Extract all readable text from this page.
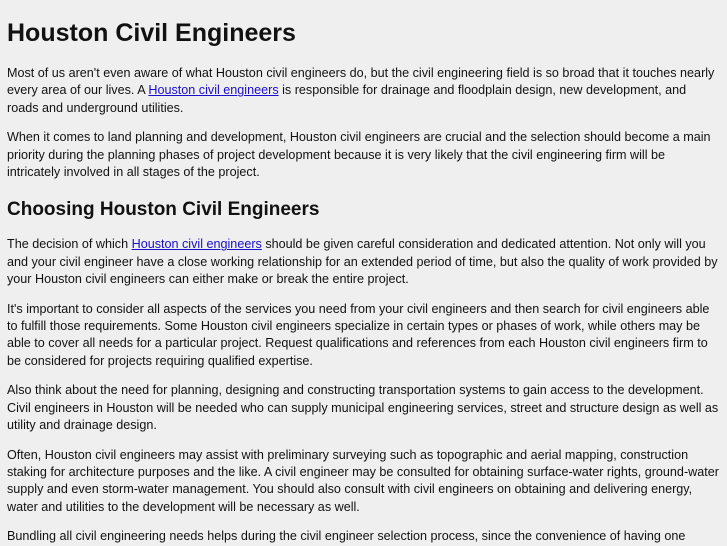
Houston Civil Engineers

Most of us aren't even aware of what Houston civil engineers do, but the civil engineering field is so broad that it touches nearly every area of our lives. A Houston civil engineers is responsible for drainage and floodplain design, new development, and roads and underground utilities.

When it comes to land planning and development, Houston civil engineers are crucial and the selection should become a main priority during the planning phases of project development because it is very likely that the civil engineering firm will be intricately involved in all stages of the project.

Choosing Houston Civil Engineers

The decision of which Houston civil engineers should be given careful consideration and dedicated attention. Not only will you and your civil engineer have a close working relationship for an extended period of time, but also the quality of work provided by your Houston civil engineers can either make or break the entire project.

It's important to consider all aspects of the services you need from your civil engineers and then search for civil engineers able to fulfill those requirements. Some Houston civil engineers specialize in certain types or phases of work, while others may be able to cover all needs for a particular project. Request qualifications and references from each Houston civil engineers firm to be considered for projects requiring qualified expertise.

Also think about the need for planning, designing and constructing transportation systems to gain access to the development. Civil engineers in Houston will be needed who can supply municipal engineering services, street and structure design as well as utility and drainage design.

Often, Houston civil engineers may assist with preliminary surveying such as topographic and aerial mapping, construction staking for architecture purposes and the like. A civil engineer may be consulted for obtaining surface-water rights, ground-water supply and even storm-water management. You should also consult with civil engineers on obtaining and delivering energy, water and utilities to the development will be necessary as well.

Bundling all civil engineering needs helps during the civil engineer selection process, since the convenience of having one
